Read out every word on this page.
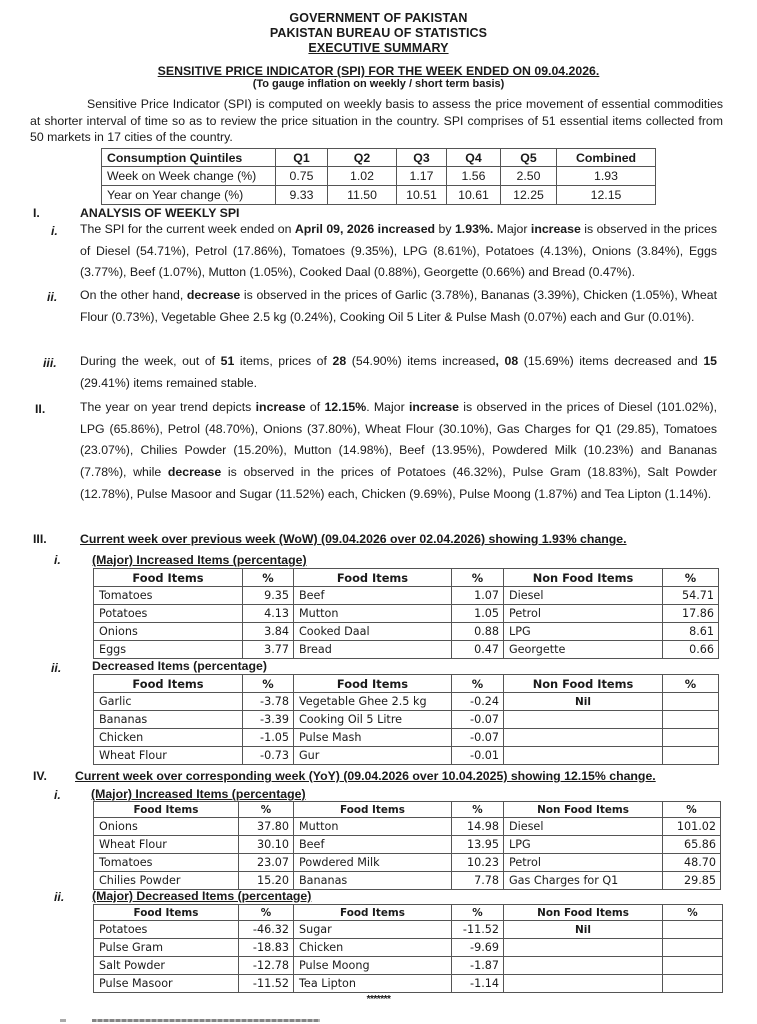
GOVERNMENT OF PAKISTAN
PAKISTAN BUREAU OF STATISTICS
EXECUTIVE SUMMARY
SENSITIVE PRICE INDICATOR (SPI) FOR THE WEEK ENDED ON 09.04.2026.
(To gauge inflation on weekly / short term basis)
Sensitive Price Indicator (SPI) is computed on weekly basis to assess the price movement of essential commodities at shorter interval of time so as to review the price situation in the country. SPI comprises of 51 essential items collected from 50 markets in 17 cities of the country.
Consumption Quintiles	Q1	Q2	Q3	Q4	Q5	Combined
Week on Week change (%)	0.75	1.02	1.17	1.56	2.50	1.93
Year on Year change (%)	9.33	11.50	10.51	10.61	12.25	12.15
I.	ANALYSIS OF WEEKLY SPI
i. The SPI for the current week ended on April 09, 2026 increased by 1.93%. Major increase is observed in the prices of Diesel (54.71%), Petrol (17.86%), Tomatoes (9.35%), LPG (8.61%), Potatoes (4.13%), Onions (3.84%), Eggs (3.77%), Beef (1.07%), Mutton (1.05%), Cooked Daal (0.88%), Georgette (0.66%) and Bread (0.47%).
ii. On the other hand, decrease is observed in the prices of Garlic (3.78%), Bananas (3.39%), Chicken (1.05%), Wheat Flour (0.73%), Vegetable Ghee 2.5 kg (0.24%), Cooking Oil 5 Liter & Pulse Mash (0.07%) each and Gur (0.01%).
iii. During the week, out of 51 items, prices of 28 (54.90%) items increased, 08 (15.69%) items decreased and 15 (29.41%) items remained stable.
II.	The year on year trend depicts increase of 12.15%. Major increase is observed in the prices of Diesel (101.02%), LPG (65.86%), Petrol (48.70%), Onions (37.80%), Wheat Flour (30.10%), Gas Charges for Q1 (29.85), Tomatoes (23.07%), Chilies Powder (15.20%), Mutton (14.98%), Beef (13.95%), Powdered Milk (10.23%) and Bananas (7.78%), while decrease is observed in the prices of Potatoes (46.32%), Pulse Gram (18.83%), Salt Powder (12.78%), Pulse Masoor and Sugar (11.52%) each, Chicken (9.69%), Pulse Moong (1.87%) and Tea Lipton (1.14%).
III.	Current week over previous week (WoW) (09.04.2026 over 02.04.2026) showing 1.93% change.
i.	(Major) Increased Items (percentage)
Food Items	%	Food Items	%	Non Food Items	%
Tomatoes	9.35	Beef	1.07	Diesel	54.71
Potatoes	4.13	Mutton	1.05	Petrol	17.86
Onions	3.84	Cooked Daal	0.88	LPG	8.61
Eggs	3.77	Bread	0.47	Georgette	0.66
ii.	Decreased Items (percentage)
Food Items	%	Food Items	%	Non Food Items	%
Garlic	-3.78	Vegetable Ghee 2.5 kg	-0.24	Nil	
Bananas	-3.39	Cooking Oil 5 Litre	-0.07		
Chicken	-1.05	Pulse Mash	-0.07		
Wheat Flour	-0.73	Gur	-0.01		
IV. Current week over corresponding week (YoY) (09.04.2026 over 10.04.2025) showing 12.15% change.
i. (Major) Increased Items (percentage)
Food Items	%	Food Items	%	Non Food Items	%
Onions	37.80	Mutton	14.98	Diesel	101.02
Wheat Flour	30.10	Beef	13.95	LPG	65.86
Tomatoes	23.07	Powdered Milk	10.23	Petrol	48.70
Chilies Powder	15.20	Bananas	7.78	Gas Charges for Q1	29.85
ii. (Major) Decreased Items (percentage)
Food Items	%	Food Items	%	Non Food Items	%
Potatoes	-46.32	Sugar	-11.52	Nil	
Pulse Gram	-18.83	Chicken	-9.69		
Salt Powder	-12.78	Pulse Moong	-1.87		
Pulse Masoor	-11.52	Tea Lipton	-1.14		
*******
